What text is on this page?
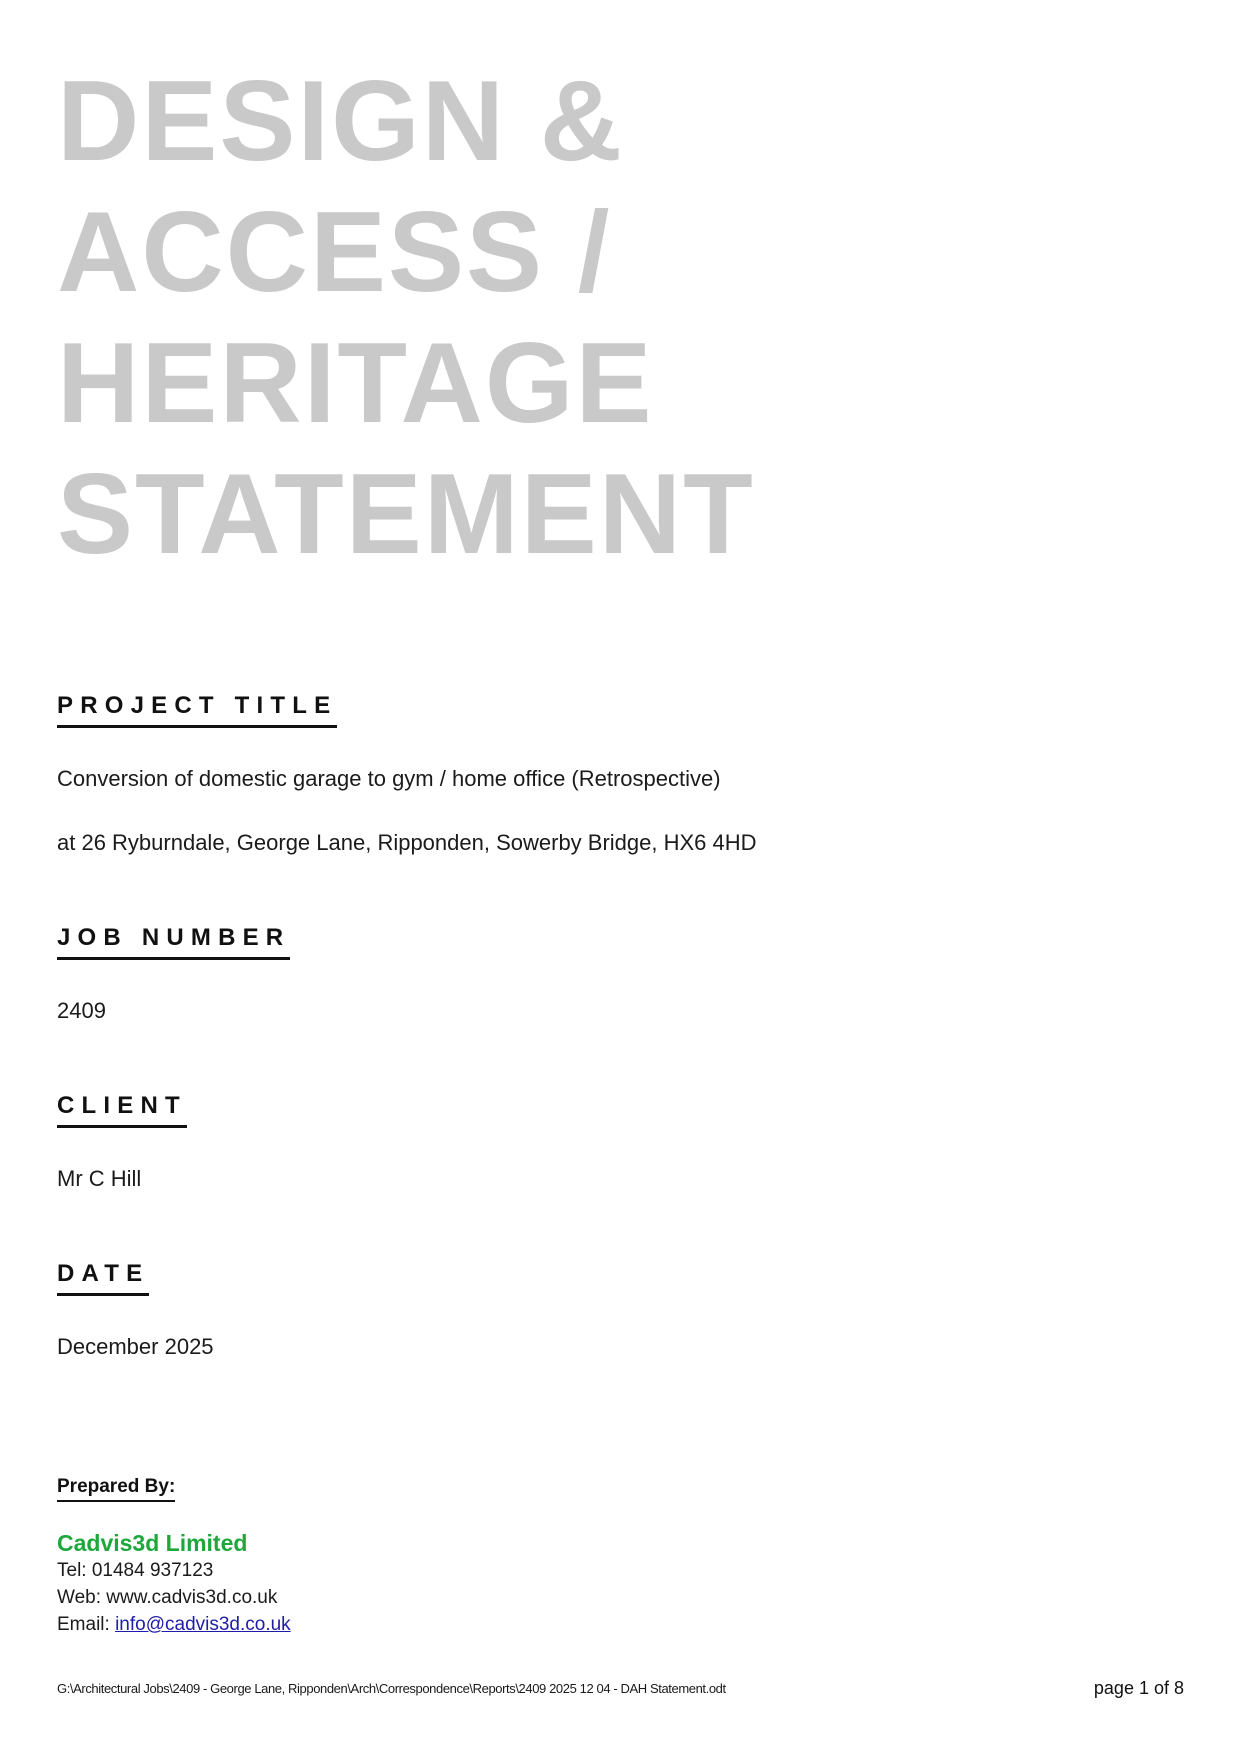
DESIGN &
ACCESS /
HERITAGE
STATEMENT
PROJECT TITLE

Conversion of domestic garage to gym / home office (Retrospective)

at 26 Ryburndale, George Lane, Ripponden, Sowerby Bridge, HX6 4HD

JOB NUMBER

2409

CLIENT

Mr C Hill

DATE

December 2025

Prepared By:
Cadvis3d Limited
Tel: 01484 937123
Web: www.cadvis3d.co.uk
Email: info@cadvis3d.co.uk
G:\Architectural Jobs\2409 - George Lane, Ripponden\Arch\Correspondence\Reports\2409 2025 12 04 - DAH Statement.odt	page 1 of 8
